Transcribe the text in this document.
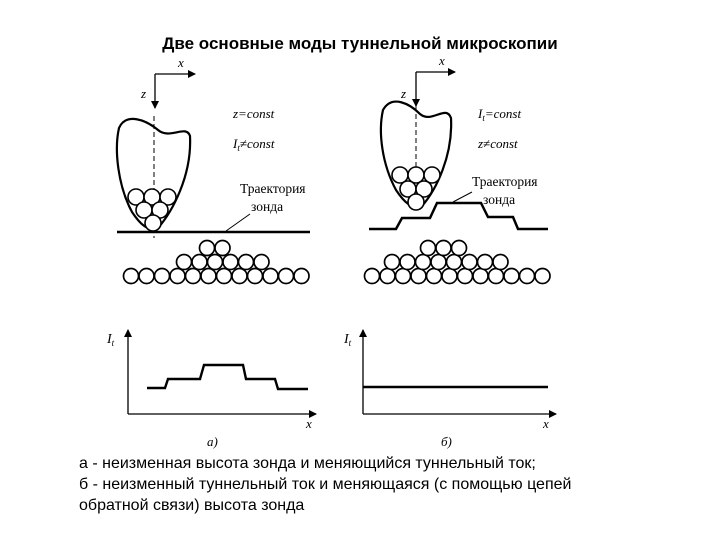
Две основные моды туннельной микроскопии
x
z
z=const
$I_t\ne const$
Траектория
зонда
$I_t$
x
а)
x
z
$I_t=const$
z≠const
Траектория
зонда
$I_t$
x
б)
а - неизменная высота зонда и меняющийся туннельный ток;
б - неизменный туннельный ток и меняющаяся (с помощью цепей
обратной связи) высота зонда
